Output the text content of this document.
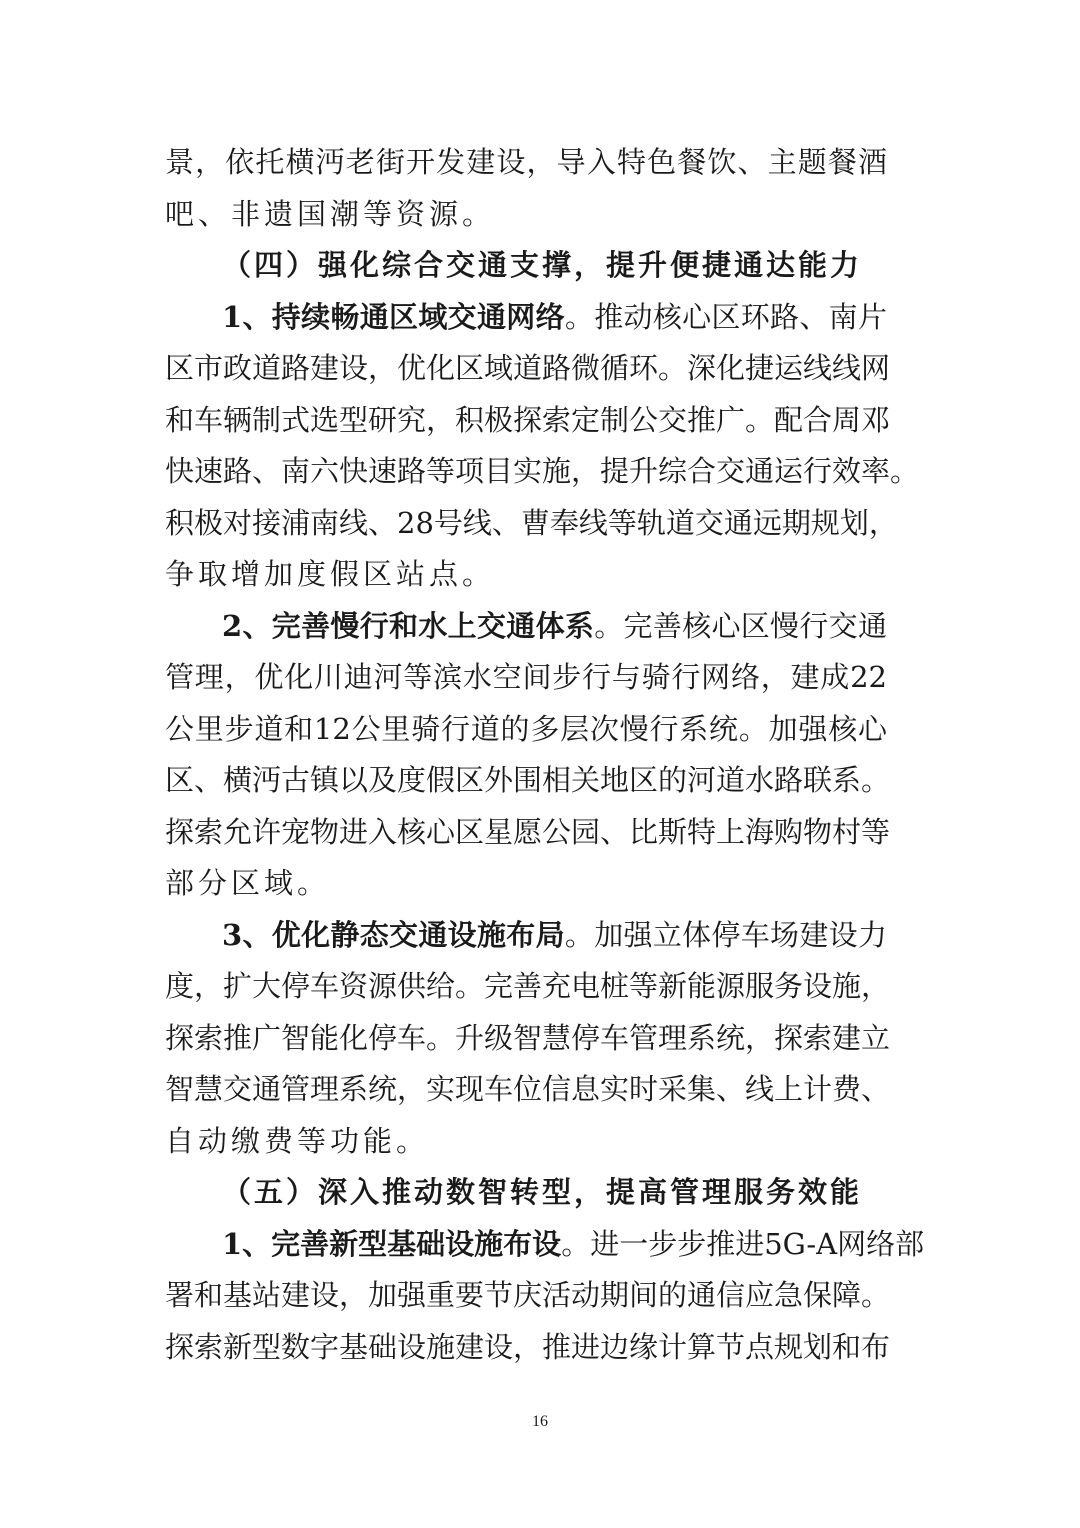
景，依托横沔老街开发建设，导入特色餐饮、主题餐酒
吧、非遗国潮等资源。
（四）强化综合交通支撑，提升便捷通达能力
1、持续畅通区域交通网络。推动核心区环路、南片
区市政道路建设，优化区域道路微循环。深化捷运线线网
和车辆制式选型研究，积极探索定制公交推广。配合周邓
快速路、南六快速路等项目实施，提升综合交通运行效率。
积极对接浦南线、28号线、曹奉线等轨道交通远期规划，
争取增加度假区站点。
2、完善慢行和水上交通体系。完善核心区慢行交通
管理，优化川迪河等滨水空间步行与骑行网络，建成22
公里步道和12公里骑行道的多层次慢行系统。加强核心
区、横沔古镇以及度假区外围相关地区的河道水路联系。
探索允许宠物进入核心区星愿公园、比斯特上海购物村等
部分区域。
3、优化静态交通设施布局。加强立体停车场建设力
度，扩大停车资源供给。完善充电桩等新能源服务设施，
探索推广智能化停车。升级智慧停车管理系统，探索建立
智慧交通管理系统，实现车位信息实时采集、线上计费、
自动缴费等功能。
（五）深入推动数智转型，提高管理服务效能
1、完善新型基础设施布设。进一步步推进5G-A网络部
署和基站建设，加强重要节庆活动期间的通信应急保障。
探索新型数字基础设施建设，推进边缘计算节点规划和布
16
